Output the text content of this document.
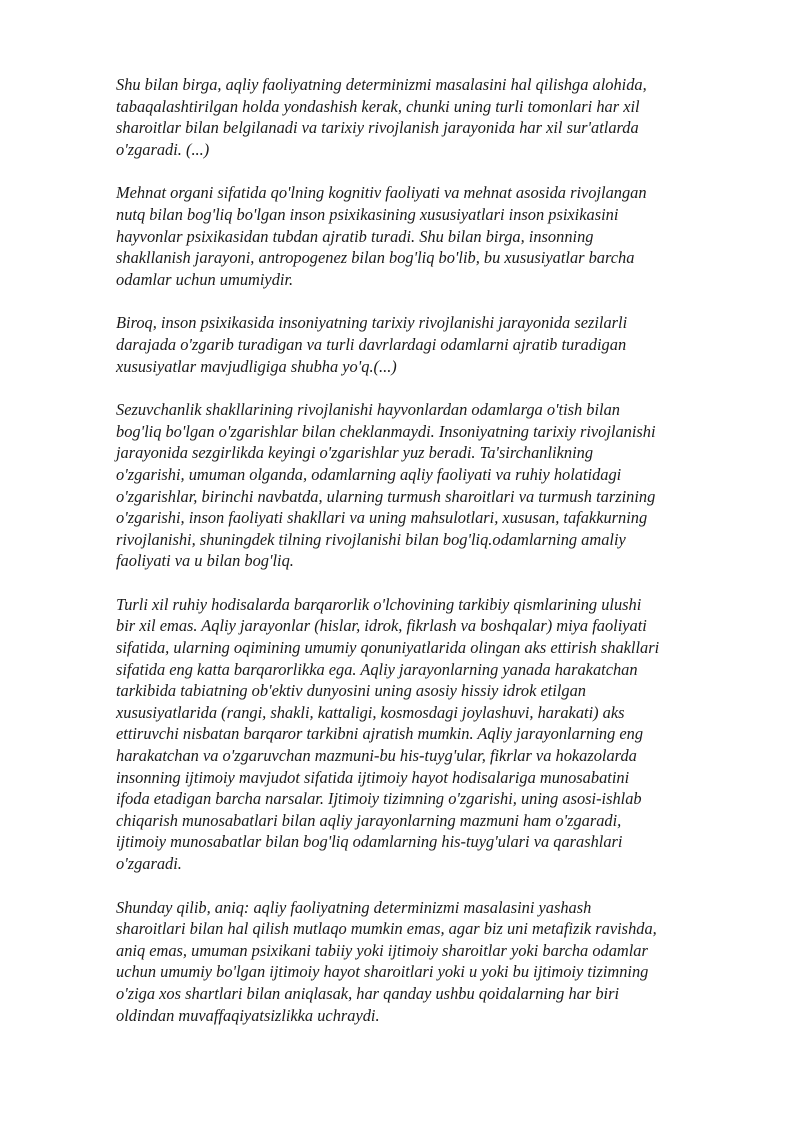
Shu bilan birga, aqliy faoliyatning determinizmi masalasini hal qilishga alohida,
tabaqalashtirilgan holda yondashish kerak, chunki uning turli tomonlari har xil
sharoitlar bilan belgilanadi va tarixiy rivojlanish jarayonida har xil sur'atlarda
o'zgaradi. (...)

Mehnat organi sifatida qo'lning kognitiv faoliyati va mehnat asosida rivojlangan
nutq bilan bog'liq bo'lgan inson psixikasining xususiyatlari inson psixikasini
hayvonlar psixikasidan tubdan ajratib turadi. Shu bilan birga, insonning
shakllanish jarayoni, antropogenez bilan bog'liq bo'lib, bu xususiyatlar barcha
odamlar uchun umumiydir.

Biroq, inson psixikasida insoniyatning tarixiy rivojlanishi jarayonida sezilarli
darajada o'zgarib turadigan va turli davrlardagi odamlarni ajratib turadigan
xususiyatlar mavjudligiga shubha yo'q.(...)

Sezuvchanlik shakllarining rivojlanishi hayvonlardan odamlarga o'tish bilan
bog'liq bo'lgan o'zgarishlar bilan cheklanmaydi. Insoniyatning tarixiy rivojlanishi
jarayonida sezgirlikda keyingi o'zgarishlar yuz beradi. Ta'sirchanlikning
o'zgarishi, umuman olganda, odamlarning aqliy faoliyati va ruhiy holatidagi
o'zgarishlar, birinchi navbatda, ularning turmush sharoitlari va turmush tarzining
o'zgarishi, inson faoliyati shakllari va uning mahsulotlari, xususan, tafakkurning
rivojlanishi, shuningdek tilning rivojlanishi bilan bog'liq.odamlarning amaliy
faoliyati va u bilan bog'liq.

Turli xil ruhiy hodisalarda barqarorlik o'lchovining tarkibiy qismlarining ulushi
bir xil emas. Aqliy jarayonlar (hislar, idrok, fikrlash va boshqalar) miya faoliyati
sifatida, ularning oqimining umumiy qonuniyatlarida olingan aks ettirish shakllari
sifatida eng katta barqarorlikka ega. Aqliy jarayonlarning yanada harakatchan
tarkibida tabiatning ob'ektiv dunyosini uning asosiy hissiy idrok etilgan
xususiyatlarida (rangi, shakli, kattaligi, kosmosdagi joylashuvi, harakati) aks
ettiruvchi nisbatan barqaror tarkibni ajratish mumkin. Aqliy jarayonlarning eng
harakatchan va o'zgaruvchan mazmuni-bu his-tuyg'ular, fikrlar va hokazolarda
insonning ijtimoiy mavjudot sifatida ijtimoiy hayot hodisalariga munosabatini
ifoda etadigan barcha narsalar. Ijtimoiy tizimning o'zgarishi, uning asosi-ishlab
chiqarish munosabatlari bilan aqliy jarayonlarning mazmuni ham o'zgaradi,
ijtimoiy munosabatlar bilan bog'liq odamlarning his-tuyg'ulari va qarashlari
o'zgaradi.

Shunday qilib, aniq: aqliy faoliyatning determinizmi masalasini yashash
sharoitlari bilan hal qilish mutlaqo mumkin emas, agar biz uni metafizik ravishda,
aniq emas, umuman psixikani tabiiy yoki ijtimoiy sharoitlar yoki barcha odamlar
uchun umumiy bo'lgan ijtimoiy hayot sharoitlari yoki u yoki bu ijtimoiy tizimning
o'ziga xos shartlari bilan aniqlasak, har qanday ushbu qoidalarning har biri
oldindan muvaffaqiyatsizlikka uchraydi.
